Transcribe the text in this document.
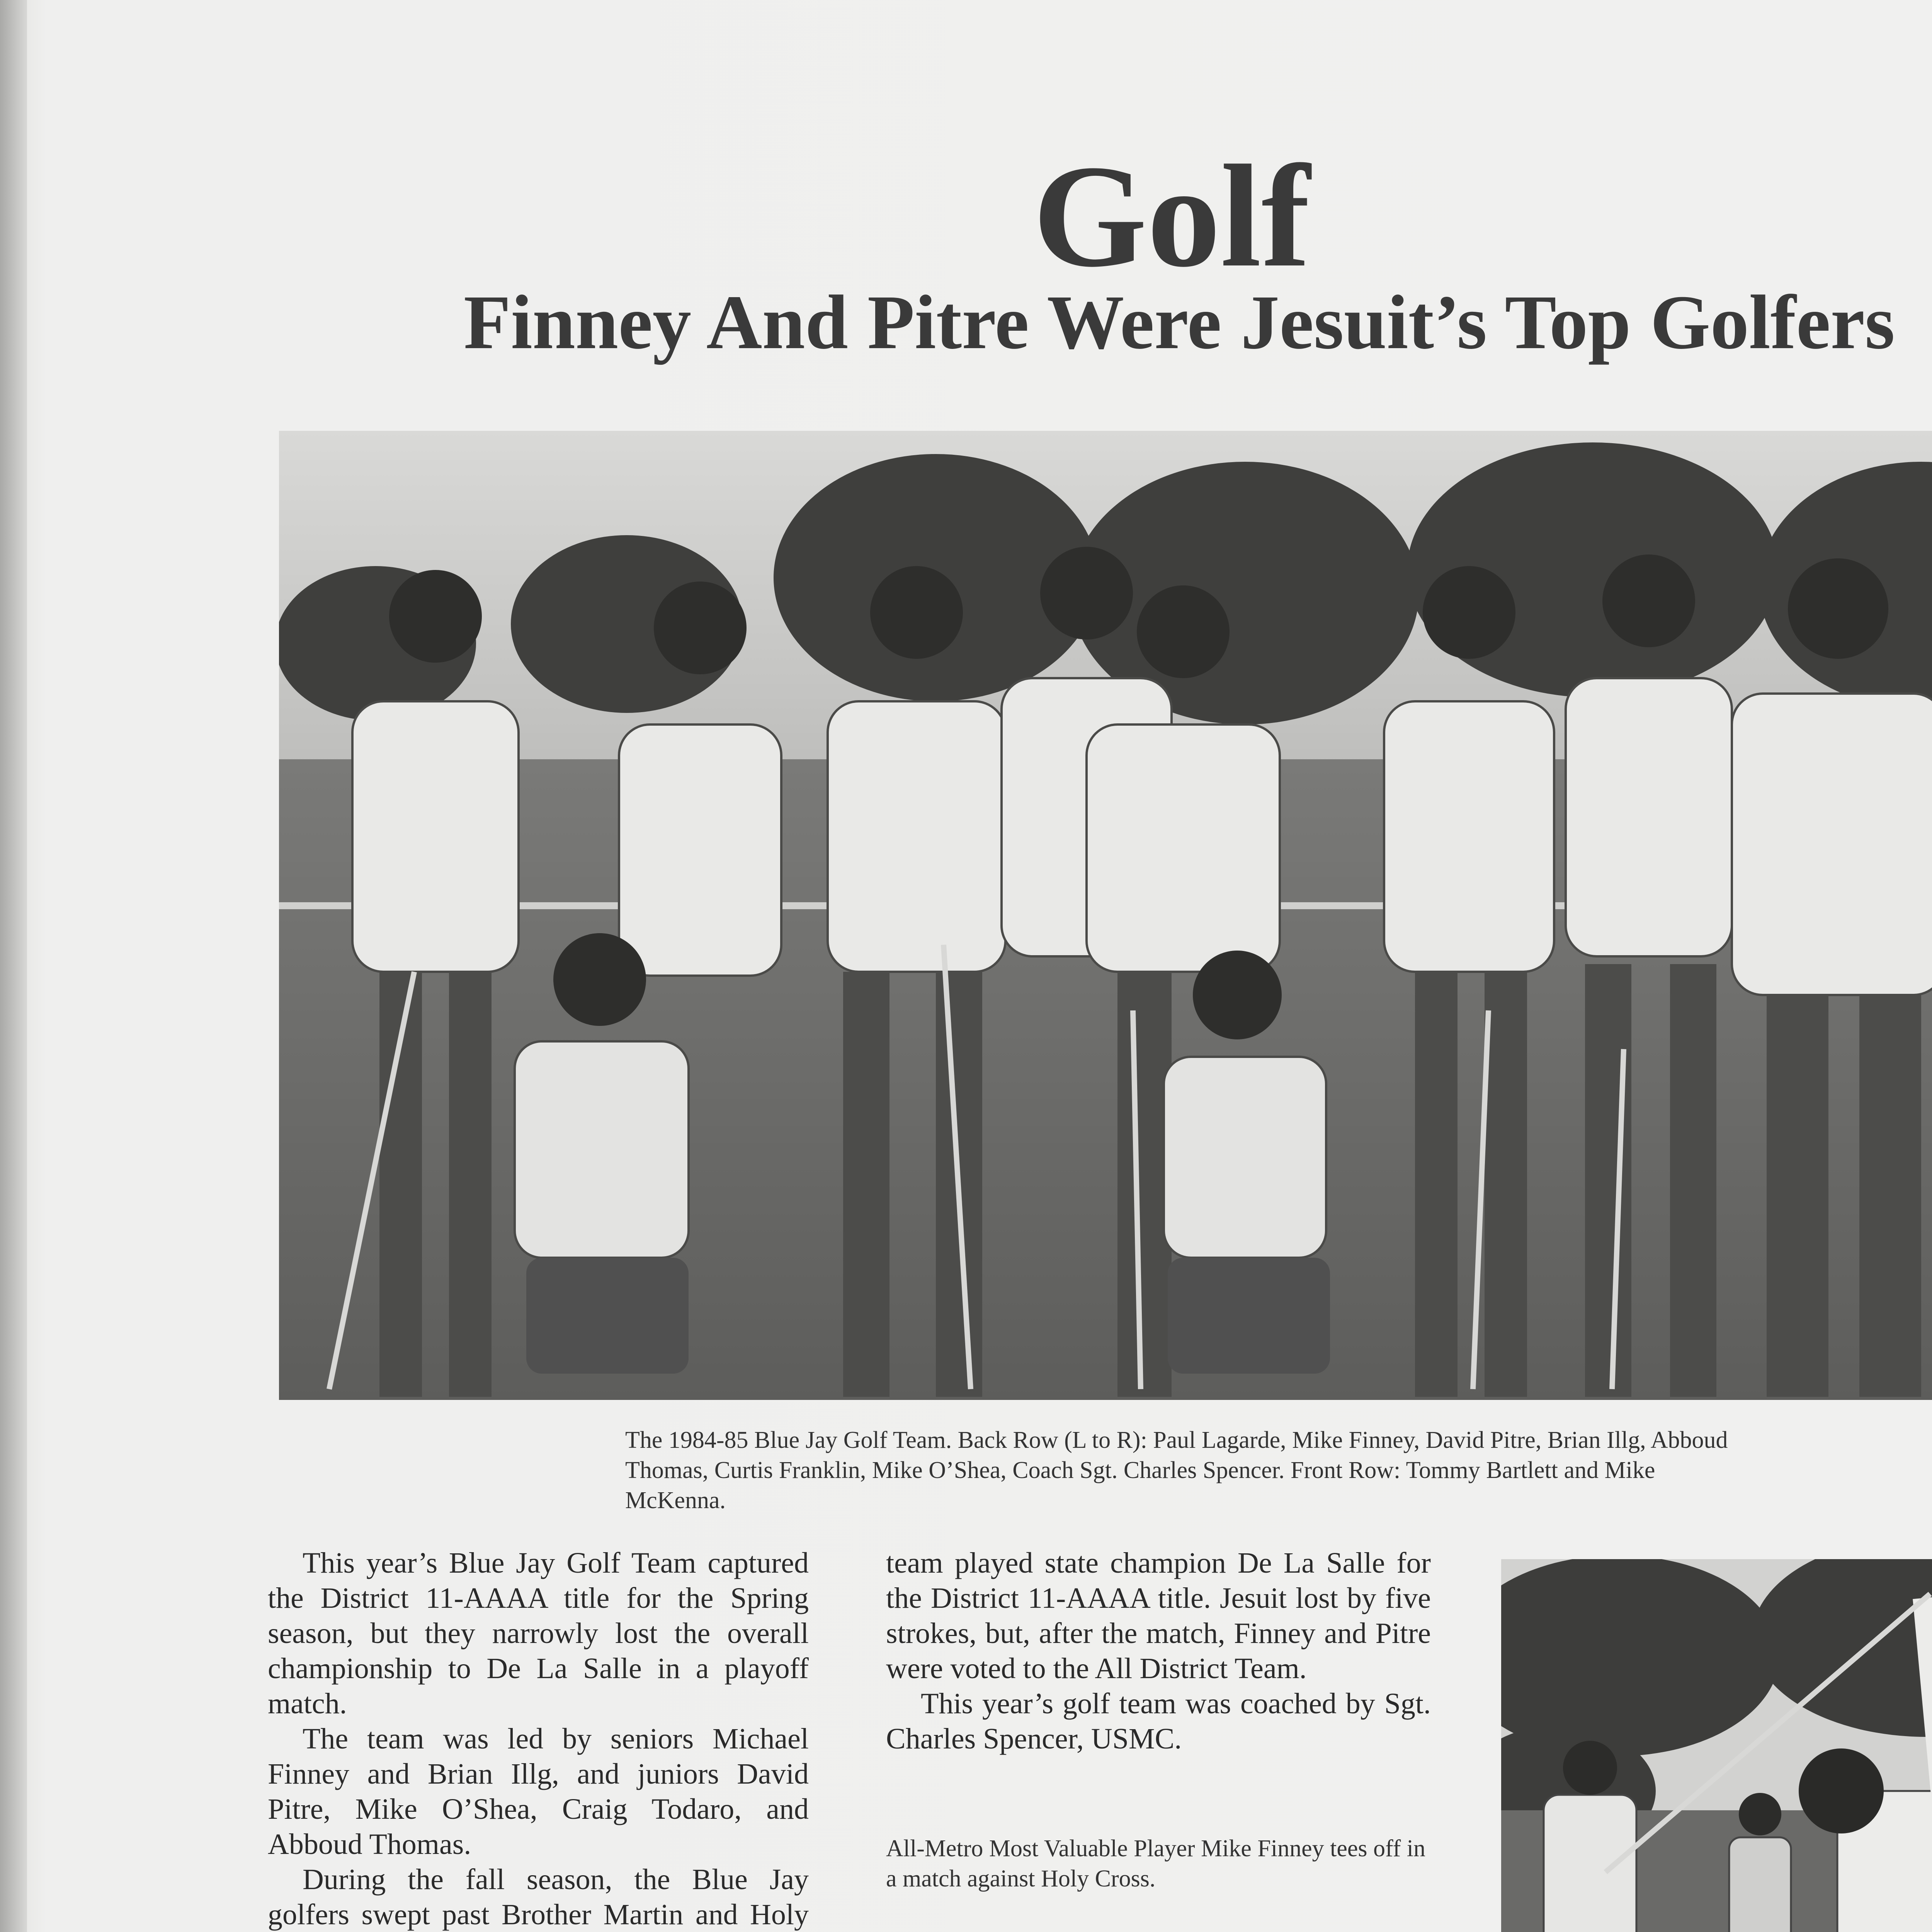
Golf
Finney And Pitre Were Jesuit’s Top Golfers

The 1984-85 Blue Jay Golf Team. Back Row (L to R): Paul Lagarde, Mike Finney, David Pitre, Brian Illg, Abboud Thomas, Curtis Franklin, Mike O’Shea, Coach Sgt. Charles Spencer. Front Row: Tommy Bartlett and Mike McKenna.

This year’s Blue Jay Golf Team captured the District 11-AAAA title for the Spring season, but they narrowly lost the overall championship to De La Salle in a playoff match.

The team was led by seniors Michael Finney and Brian Illg, and juniors David Pitre, Mike O’Shea, Craig Todaro, and Abboud Thomas.

During the fall season, the Blue Jay golfers swept past Brother Martin and Holy

team played state champion De La Salle for the District 11-AAAA title. Jesuit lost by five strokes, but, after the match, Finney and Pitre were voted to the All District Team.

This year’s golf team was coached by Sgt. Charles Spencer, USMC.

All-Metro Most Valuable Player Mike Finney tees off in a match against Holy Cross.
